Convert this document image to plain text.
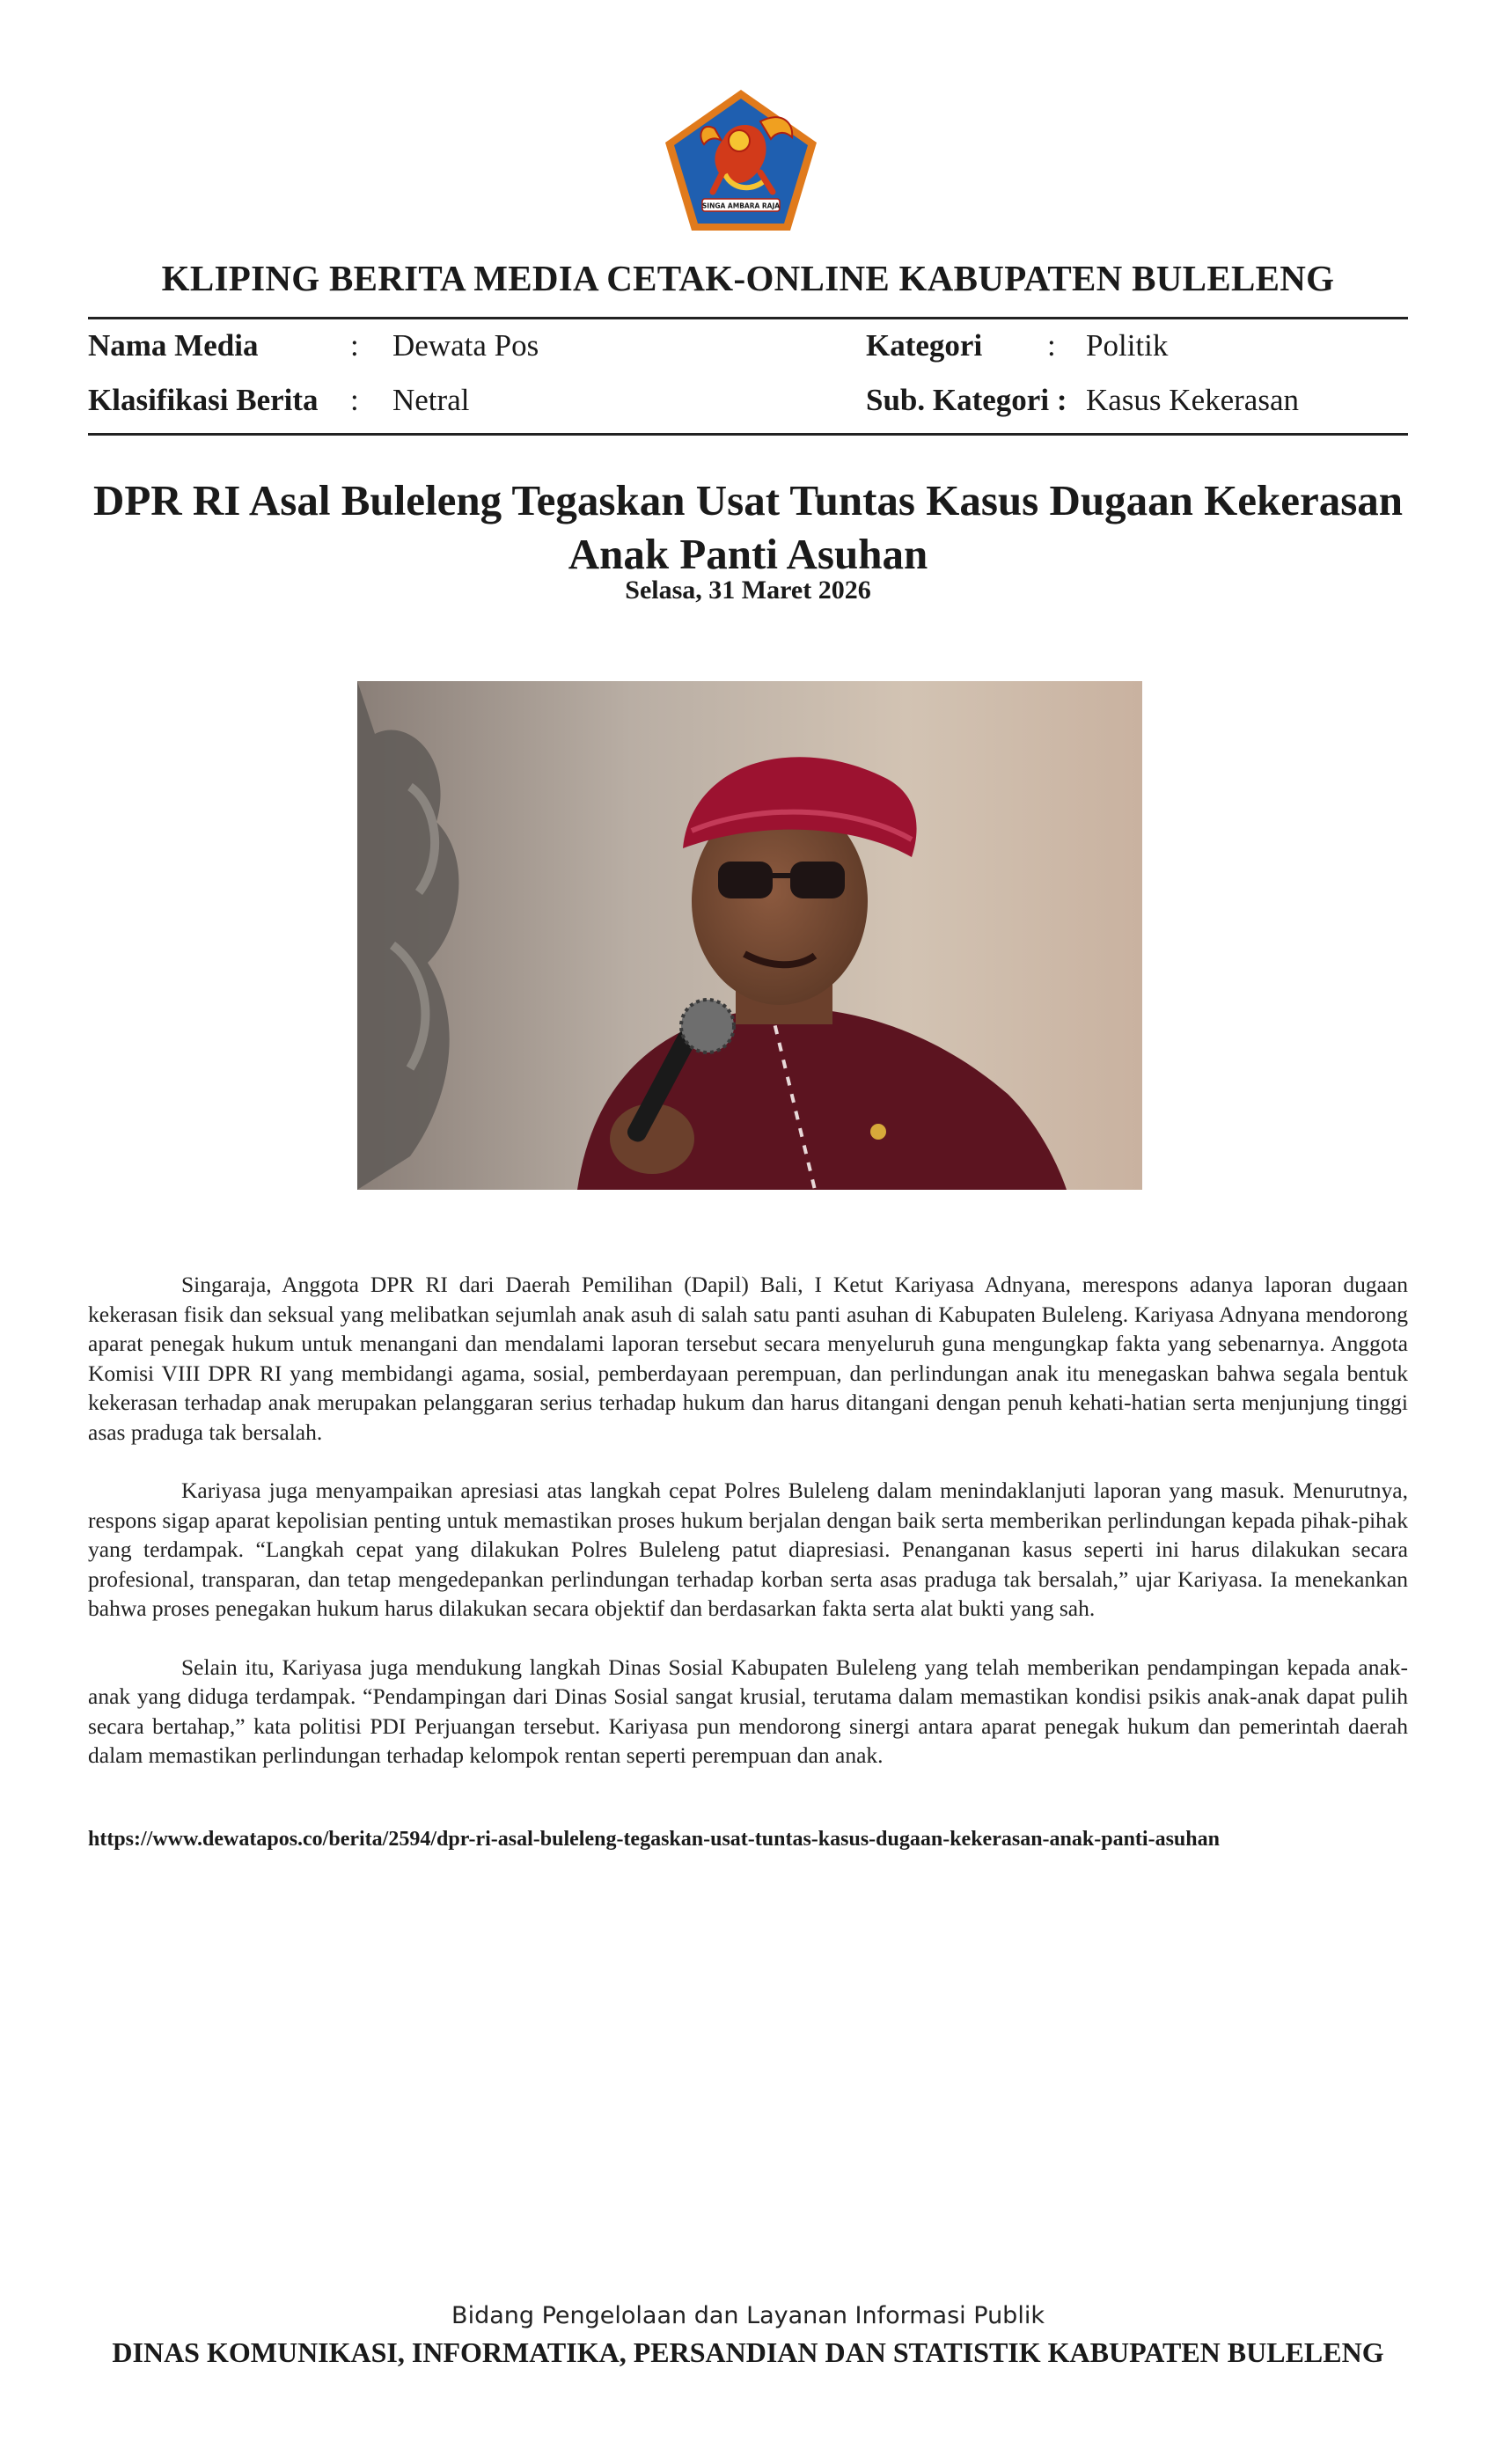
SINGA AMBARA RAJA
KLIPING BERITA MEDIA CETAK-ONLINE KABUPATEN BULELENG
Nama Media	: Dewata Pos	Kategori : Politik
Klasifikasi Berita : Netral	Sub. Kategori : Kasus Kekerasan
DPR RI Asal Buleleng Tegaskan Usat Tuntas Kasus Dugaan Kekerasan Anak Panti Asuhan
Selasa, 31 Maret 2026

Singaraja, Anggota DPR RI dari Daerah Pemilihan (Dapil) Bali, I Ketut Kariyasa Adnyana, merespons adanya laporan dugaan kekerasan fisik dan seksual yang melibatkan sejumlah anak asuh di salah satu panti asuhan di Kabupaten Buleleng. Kariyasa Adnyana mendorong aparat penegak hukum untuk menangani dan mendalami laporan tersebut secara menyeluruh guna mengungkap fakta yang sebenarnya. Anggota Komisi VIII DPR RI yang membidangi agama, sosial, pemberdayaan perempuan, dan perlindungan anak itu menegaskan bahwa segala bentuk kekerasan terhadap anak merupakan pelanggaran serius terhadap hukum dan harus ditangani dengan penuh kehati-hatian serta menjunjung tinggi asas praduga tak bersalah.

Kariyasa juga menyampaikan apresiasi atas langkah cepat Polres Buleleng dalam menindaklanjuti laporan yang masuk. Menurutnya, respons sigap aparat kepolisian penting untuk memastikan proses hukum berjalan dengan baik serta memberikan perlindungan kepada pihak-pihak yang terdampak. “Langkah cepat yang dilakukan Polres Buleleng patut diapresiasi. Penanganan kasus seperti ini harus dilakukan secara profesional, transparan, dan tetap mengedepankan perlindungan terhadap korban serta asas praduga tak bersalah,” ujar Kariyasa. Ia menekankan bahwa proses penegakan hukum harus dilakukan secara objektif dan berdasarkan fakta serta alat bukti yang sah.

Selain itu, Kariyasa juga mendukung langkah Dinas Sosial Kabupaten Buleleng yang telah memberikan pendampingan kepada anak-anak yang diduga terdampak. “Pendampingan dari Dinas Sosial sangat krusial, terutama dalam memastikan kondisi psikis anak-anak dapat pulih secara bertahap,” kata politisi PDI Perjuangan tersebut. Kariyasa pun mendorong sinergi antara aparat penegak hukum dan pemerintah daerah dalam memastikan perlindungan terhadap kelompok rentan seperti perempuan dan anak.

https://www.dewatapos.co/berita/2594/dpr-ri-asal-buleleng-tegaskan-usat-tuntas-kasus-dugaan-kekerasan-anak-panti-asuhan
Bidang Pengelolaan dan Layanan Informasi Publik
DINAS KOMUNIKASI, INFORMATIKA, PERSANDIAN DAN STATISTIK KABUPATEN BULELENG
